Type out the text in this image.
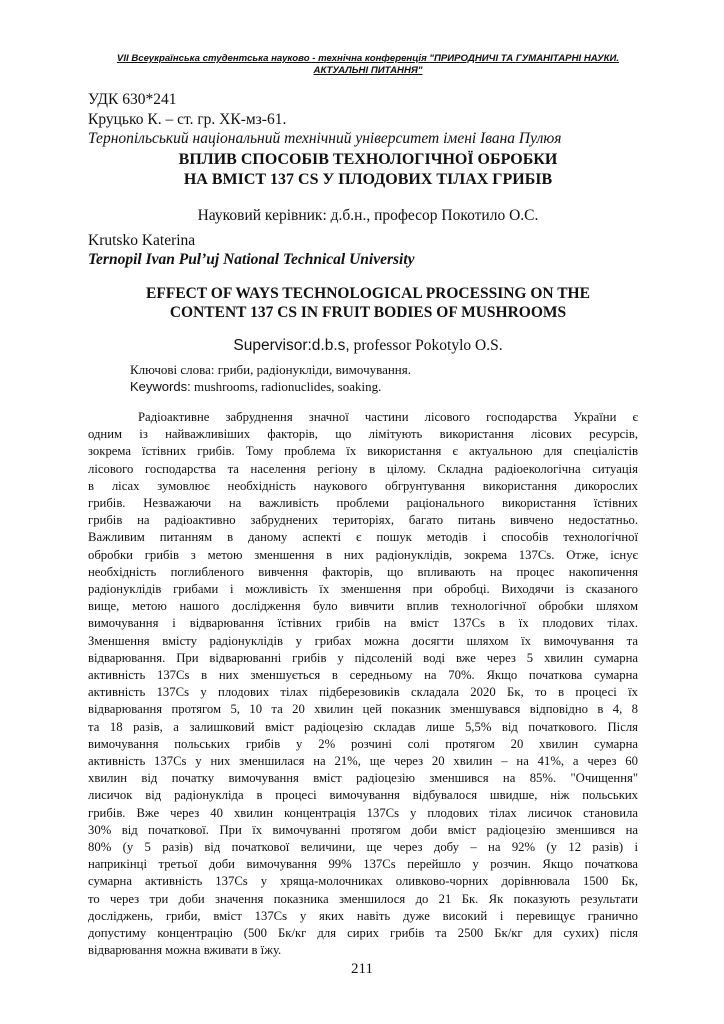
VII Всеукраїнська студентська науково - технічна конференція "ПРИРОДНИЧІ ТА ГУМАНІТАРНІ НАУКИ.
АКТУАЛЬНІ ПИТАННЯ"
УДК 630*241
Круцько К. – ст. гр. ХК-мз-61.
Тернопільський національний технічний університет імені Івана Пулюя
ВПЛИВ СПОСОБІВ ТЕХНОЛОГІЧНОЇ ОБРОБКИ
НА ВМІСТ 137 CS У ПЛОДОВИХ ТІЛАХ ГРИБІВ
Науковий керівник: д.б.н., професор Покотило О.С.
Krutsko Katerina
Ternopil Ivan Pul’uj National Technical University
EFFECT OF WAYS TECHNOLOGICAL PROCESSING ON THE
CONTENT 137 CS IN FRUIT BODIES OF MUSHROOMS
Supervisor:d.b.s, professor Pokotylo O.S.
Ключові слова: гриби, радіонукліди, вимочування.
Keywords: mushrooms, radionuclides, soaking.
Радіоактивне забруднення значної частини лісового господарства України є
одним із найважливіших факторів, що лімітують використання лісових ресурсів,
зокрема їстівних грибів. Тому проблема їх використання є актуальною для спеціалістів
лісового господарства та населення регіону в цілому. Складна радіоекологічна ситуація
в лісах зумовлює необхідність наукового обгрунтування використання дикорослих
грибів. Незважаючи на важливість проблеми раціонального використання їстівних
грибів на радіоактивно забруднених територіях, багато питань вивчено недостатньо.
Важливим питанням в даному аспекті є пошук методів і способів технологічної
обробки грибів з метою зменшення в них радіонуклідів, зокрема 137Cs. Отже, існує
необхідність поглибленого вивчення факторів, що впливають на процес накопичення
радіонуклідів грибами і можливість їх зменшення при обробці. Виходячи із сказаного
вище, метою нашого дослідження було вивчити вплив технологічної обробки шляхом
вимочування і відварювання їстівних грибів на вміст 137Cs в їх плодових тілах.
Зменшення вмісту радіонуклідів у грибах можна досягти шляхом їх вимочування та
відварювання. При відварюванні грибів у підсоленій воді вже через 5 хвилин сумарна
активність 137Cs в них зменшується в середньому на 70%. Якщо початкова сумарна
активність 137Cs у плодових тілах підберезовиків складала 2020 Бк, то в процесі їх
відварювання протягом 5, 10 та 20 хвилин цей показник зменшувався відповідно в 4, 8
та 18 разів, а залишковий вміст радіоцезію складав лише 5,5% від початкового. Після
вимочування польських грибів у 2% розчині солі протягом 20 хвилин сумарна
активність 137Cs у них зменшилася на 21%, ще через 20 хвилин – на 41%, а через 60
хвилин від початку вимочування вміст радіоцезію зменшився на 85%. "Очищення"
лисичок від радіонукліда в процесі вимочування відбувалося швидше, ніж польських
грибів. Вже через 40 хвилин концентрація 137Cs у плодових тілах лисичок становила
30% від початкової. При їх вимочуванні протягом доби вміст радіоцезію зменшився на
80% (у 5 разів) від початкової величини, ще через добу – на 92% (у 12 разів) і
наприкінці третьої доби вимочування 99% 137Cs перейшло у розчин. Якщо початкова
сумарна активність 137Cs у хряща-молочниках оливково-чорних дорівнювала 1500 Бк,
то через три доби значення показника зменшилося до 21 Бк. Як показують результати
досліджень, гриби, вміст 137Cs у яких навіть дуже високий і перевищує гранично
допустиму концентрацію (500 Бк/кг для сирих грибів та 2500 Бк/кг для сухих) після
відварювання можна вживати в їжу.
211
